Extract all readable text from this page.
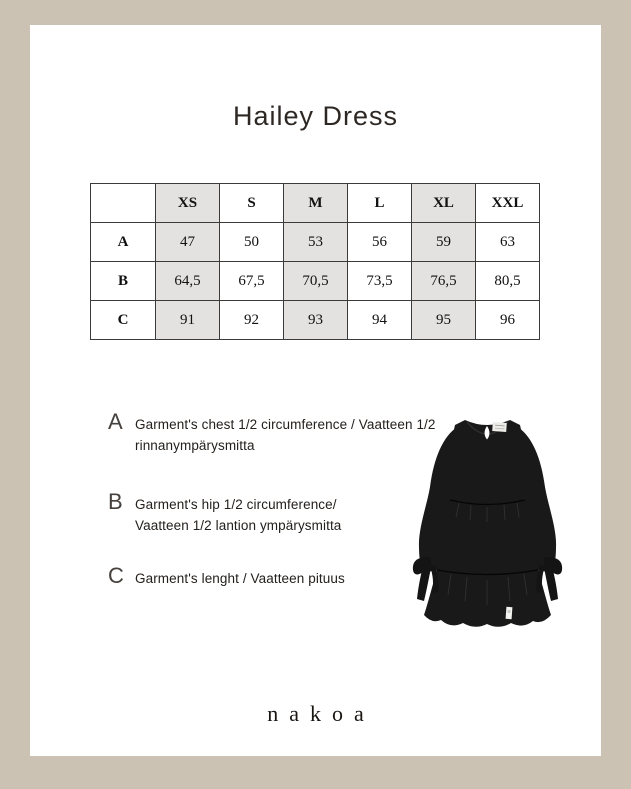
Hailey Dress
	XS	S	M	L	XL	XXL
A	47	50	53	56	59	63
B	64,5	67,5	70,5	73,5	76,5	80,5
C	91	92	93	94	95	96
A Garment's chest 1/2 circumference / Vaatteen 1/2
rinnanympärysmitta

B Garment's hip 1/2 circumference/
Vaatteen 1/2 lantion ympärysmitta

C Garment's lenght / Vaatteen pituus

nakoa
